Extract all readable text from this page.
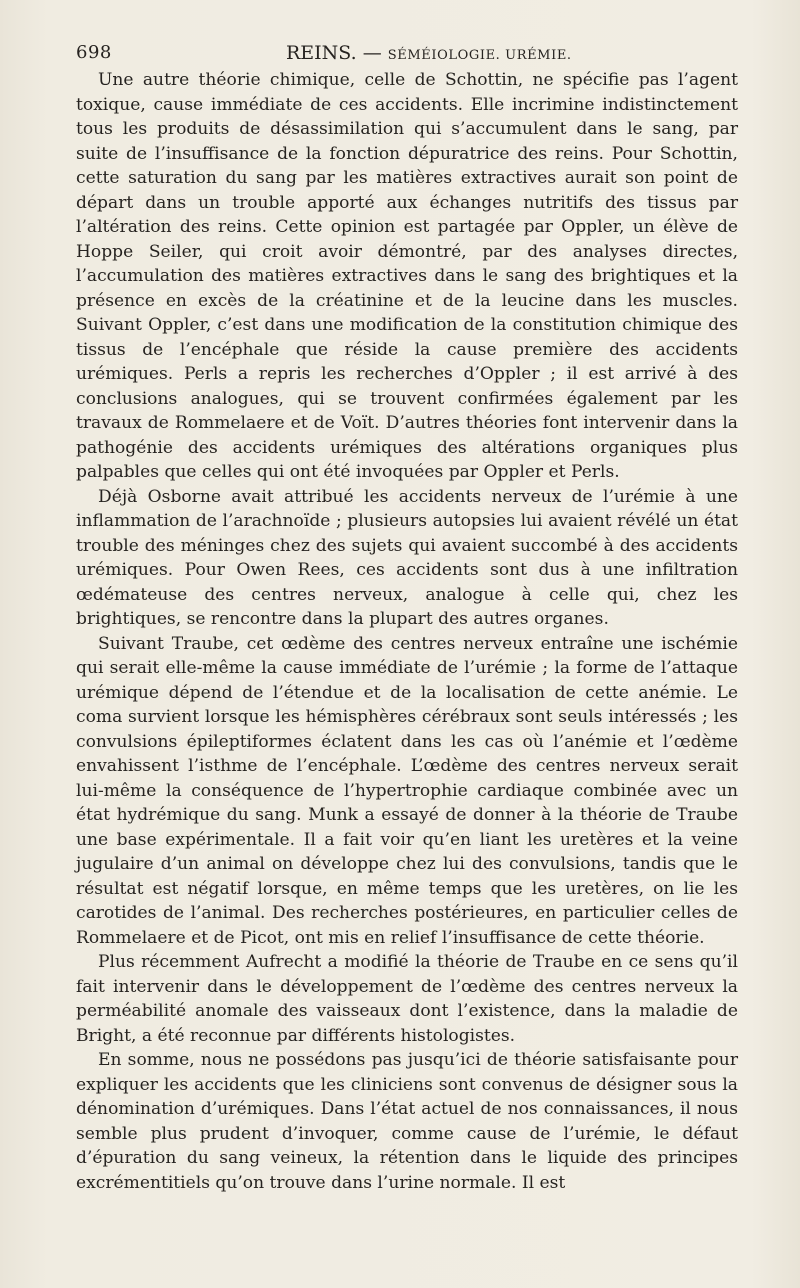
698	REINS. — SÉMÉIOLOGIE. URÉMIE.

Une autre théorie chimique, celle de Schottin, ne spécifie pas l’agent toxique, cause immédiate de ces accidents. Elle incrimine indistinctement tous les produits de désassimilation qui s’accumulent dans le sang, par suite de l’insuffisance de la fonction dépuratrice des reins. Pour Schottin, cette saturation du sang par les matières extractives aurait son point de départ dans un trouble apporté aux échanges nutritifs des tissus par l’altération des reins. Cette opinion est partagée par Oppler, un élève de Hoppe Seiler, qui croit avoir démontré, par des analyses directes, l’accumulation des matières extractives dans le sang des brightiques et la présence en excès de la créatinine et de la leucine dans les muscles. Suivant Oppler, c’est dans une modification de la constitution chimique des tissus de l’encéphale que réside la cause première des accidents urémiques. Perls a repris les recherches d’Oppler ; il est arrivé à des conclusions analogues, qui se trouvent confirmées également par les travaux de Rommelaere et de Voït. D’autres théories font intervenir dans la pathogénie des accidents urémiques des altérations organiques plus palpables que celles qui ont été invoquées par Oppler et Perls.

Déjà Osborne avait attribué les accidents nerveux de l’urémie à une inflammation de l’arachnoïde ; plusieurs autopsies lui avaient révélé un état trouble des méninges chez des sujets qui avaient succombé à des accidents urémiques. Pour Owen Rees, ces accidents sont dus à une infiltration œdémateuse des centres nerveux, analogue à celle qui, chez les brightiques, se rencontre dans la plupart des autres organes.

Suivant Traube, cet œdème des centres nerveux entraîne une ischémie qui serait elle-même la cause immédiate de l’urémie ; la forme de l’attaque urémique dépend de l’étendue et de la localisation de cette anémie. Le coma survient lorsque les hémisphères cérébraux sont seuls intéressés ; les convulsions épileptiformes éclatent dans les cas où l’anémie et l’œdème envahissent l’isthme de l’encéphale. L’œdème des centres nerveux serait lui-même la conséquence de l’hypertrophie cardiaque combinée avec un état hydrémique du sang. Munk a essayé de donner à la théorie de Traube une base expérimentale. Il a fait voir qu’en liant les uretères et la veine jugulaire d’un animal on développe chez lui des convulsions, tandis que le résultat est négatif lorsque, en même temps que les uretères, on lie les carotides de l’animal. Des recherches postérieures, en particulier celles de Rommelaere et de Picot, ont mis en relief l’insuffisance de cette théorie.

Plus récemment Aufrecht a modifié la théorie de Traube en ce sens qu’il fait intervenir dans le développement de l’œdème des centres nerveux la perméabilité anomale des vaisseaux dont l’existence, dans la maladie de Bright, a été reconnue par différents histologistes.

En somme, nous ne possédons pas jusqu’ici de théorie satisfaisante pour expliquer les accidents que les cliniciens sont convenus de désigner sous la dénomination d’urémiques. Dans l’état actuel de nos connaissances, il nous semble plus prudent d’invoquer, comme cause de l’urémie, le défaut d’épuration du sang veineux, la rétention dans le liquide des principes excrémentitiels qu’on trouve dans l’urine normale. Il est
